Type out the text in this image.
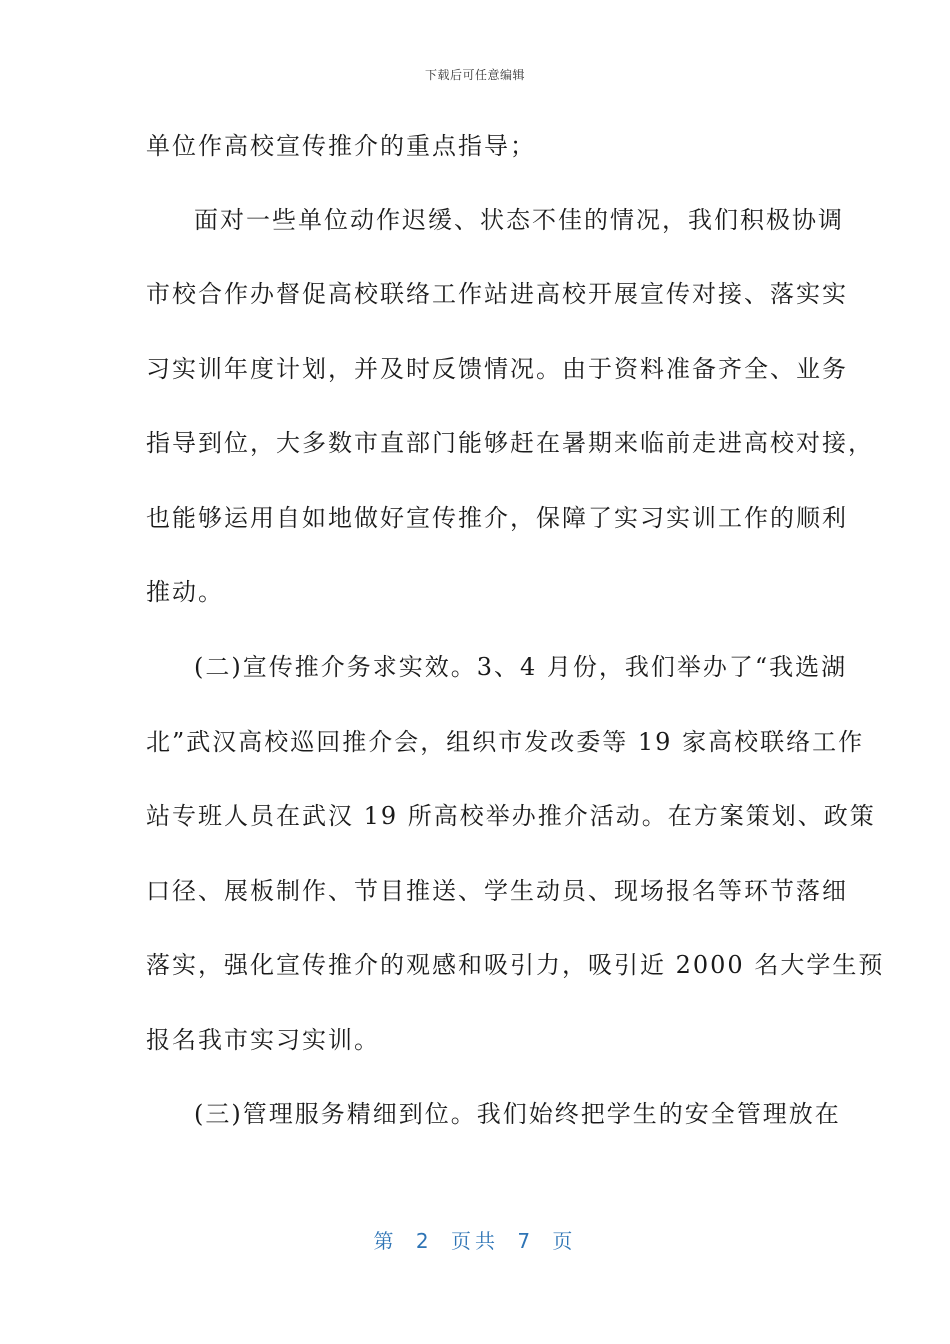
下载后可任意编辑
单位作高校宣传推介的重点指导；
面对一些单位动作迟缓、状态不佳的情况，我们积极协调
市校合作办督促高校联络工作站进高校开展宣传对接、落实实
习实训年度计划，并及时反馈情况。由于资料准备齐全、业务
指导到位，大多数市直部门能够赶在暑期来临前走进高校对接，
也能够运用自如地做好宣传推介，保障了实习实训工作的顺利
推动。
(二)宣传推介务求实效。3、4 月份，我们举办了“我选湖
北”武汉高校巡回推介会，组织市发改委等 19 家高校联络工作
站专班人员在武汉 19 所高校举办推介活动。在方案策划、政策
口径、展板制作、节目推送、学生动员、现场报名等环节落细
落实，强化宣传推介的观感和吸引力，吸引近 2000 名大学生预
报名我市实习实训。
(三)管理服务精细到位。我们始终把学生的安全管理放在
第 2 页共 7 页
